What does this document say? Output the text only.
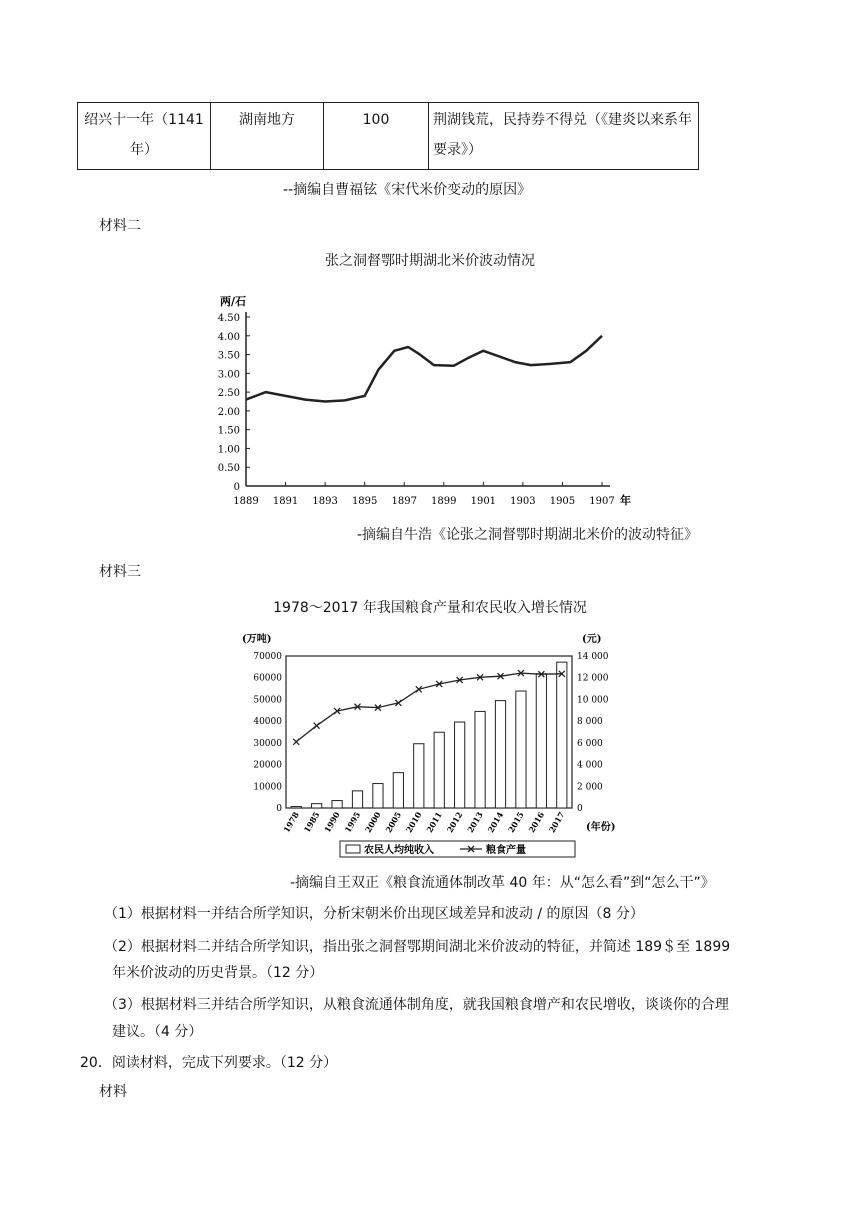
绍兴十一年（1141年）	湖南地方	100	荆湖钱荒，民持券不得兑（《建炎以来系年要录》）
--摘编自曹福铉《宋代米价变动的原因》
材料二
张之洞督鄂时期湖北米价波动情况
两/石
年
0
0.50
1.00
1.50
2.00
2.50
3.00
3.50
4.00
4.50
1889 1891 1893 1895 1897 1899 1901 1903 1905 1907
-摘编自牛浩《论张之洞督鄂时期湖北米价的波动特征》
材料三
1978～2017 年我国粮食产量和农民收入增长情况
(万吨)	(元)
0
10000
20000
30000
40000
50000
60000
70000
0
2 000
4 000
6 000
8 000
10 000
12 000
14 000
1978 1985 1990 1995 2000 2005 2010 2011 2012 2013 2014 2015 2016 2017 (年份)
农民人均纯收入	粮食产量
-摘编自王双正《粮食流通体制改革 40 年：从“怎么看”到“怎么干”》
（1）根据材料一并结合所学知识，分析宋朝米价出现区域差异和波动 / 的原因（8 分）
（2）根据材料二并结合所学知识，指出张之洞督鄂期间湖北米价波动的特征，并简述 189＄至 1899
年米价波动的历史背景。（12 分）
（3）根据材料三并结合所学知识，从粮食流通体制角度，就我国粮食增产和农民增收，谈谈你的合理
建议。（4 分）
20．阅读材料，完成下列要求。（12 分）
材料
